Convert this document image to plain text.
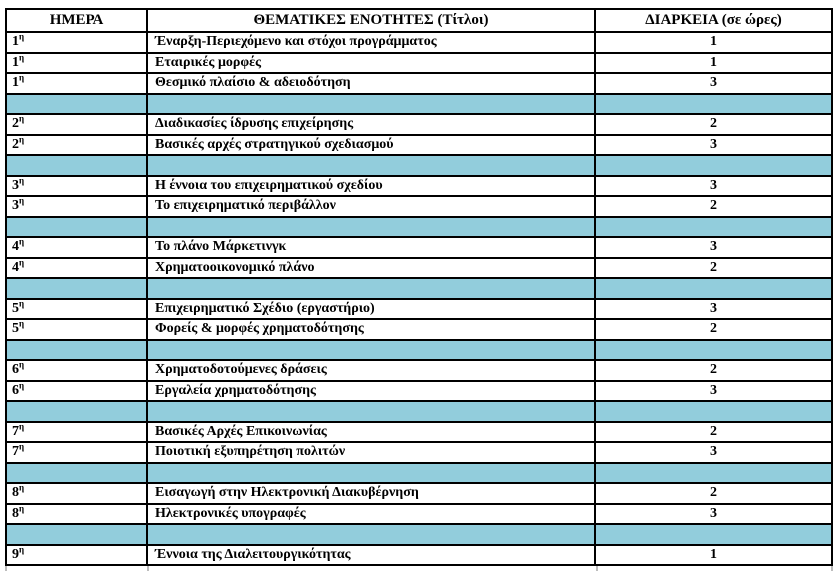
ΗΜΕΡΑ	ΘΕΜΑΤΙΚΕΣ ΕΝΟΤΗΤΕΣ (Τίτλοι)	ΔΙΑΡΚΕΙΑ (σε ώρες)
$1^\eta$	Έναρξη-Περιεχόμενο και στόχοι προγράμματος	1
$1^\eta$	Εταιρικές μορφές	1
$1^\eta$	Θεσμικό πλαίσιο & αδειοδότηση	3

$2^\eta$	Διαδικασίες ίδρυσης επιχείρησης	2
$2^\eta$	Βασικές αρχές στρατηγικού σχεδιασμού	3

$3^\eta$	Η έννοια του επιχειρηματικού σχεδίου	3
$3^\eta$	Το επιχειρηματικό περιβάλλον	2

$4^\eta$	Το πλάνο Μάρκετινγκ	3
$4^\eta$	Χρηματοοικονομικό πλάνο	2

$5^\eta$	Επιχειρηματικό Σχέδιο (εργαστήριο)	3
$5^\eta$	Φορείς & μορφές χρηματοδότησης	2

$6^\eta$	Χρηματοδοτούμενες δράσεις	2
$6^\eta$	Εργαλεία χρηματοδότησης	3

$7^\eta$	Βασικές Αρχές Επικοινωνίας	2
$7^\eta$	Ποιοτική εξυπηρέτηση πολιτών	3

$8^\eta$	Εισαγωγή στην Ηλεκτρονική Διακυβέρνηση	2
$8^\eta$	Ηλεκτρονικές υπογραφές	3

$9^\eta$	Έννοια της Διαλειτουργικότητας	1
